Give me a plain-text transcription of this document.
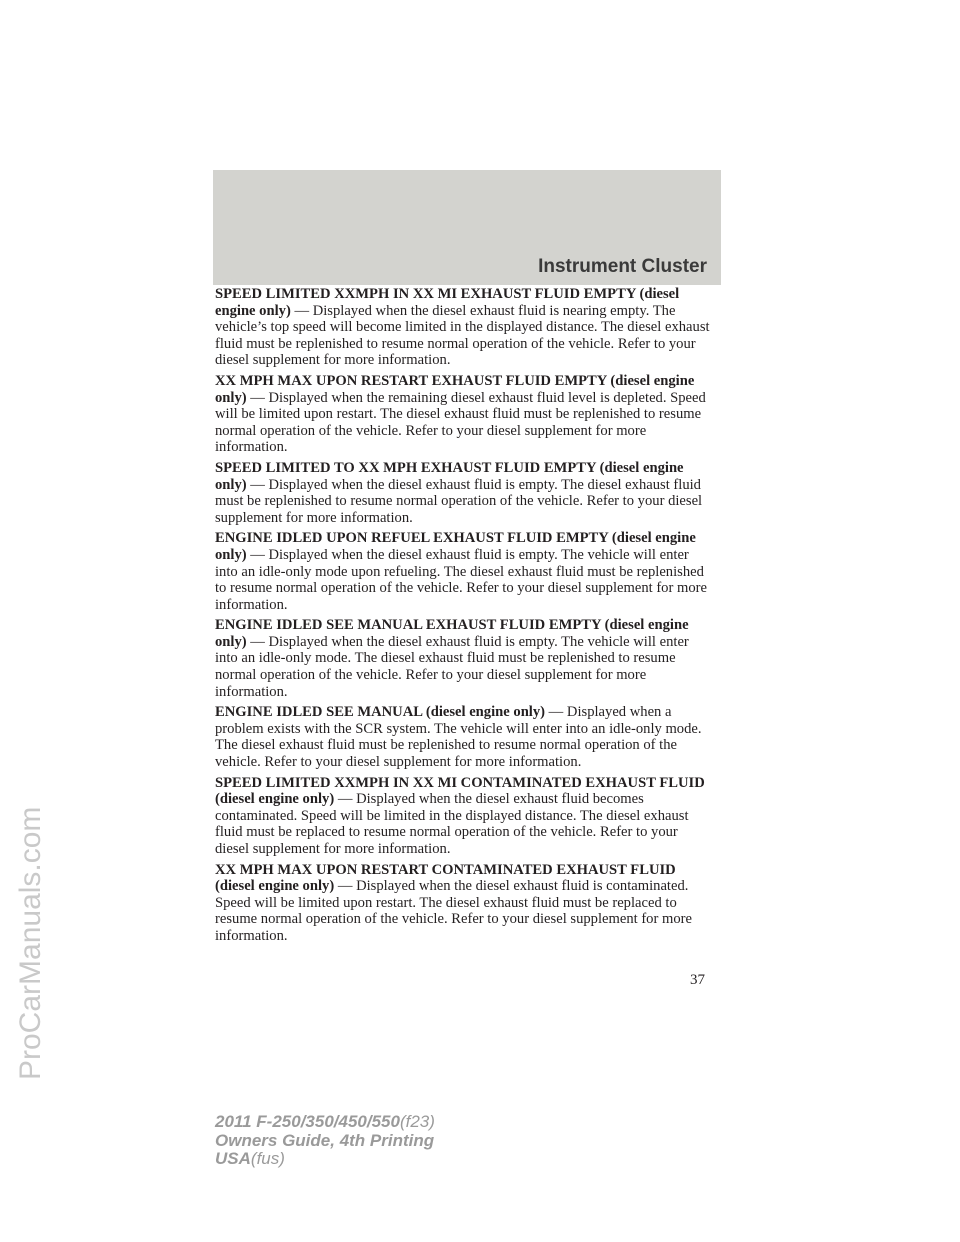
Instrument Cluster

SPEED LIMITED XXMPH IN XX MI EXHAUST FLUID EMPTY (diesel engine only) — Displayed when the diesel exhaust fluid is nearing empty. The vehicle’s top speed will become limited in the displayed distance. The diesel exhaust fluid must be replenished to resume normal operation of the vehicle. Refer to your diesel supplement for more information.

XX MPH MAX UPON RESTART EXHAUST FLUID EMPTY (diesel engine only) — Displayed when the remaining diesel exhaust fluid level is depleted. Speed will be limited upon restart. The diesel exhaust fluid must be replenished to resume normal operation of the vehicle. Refer to your diesel supplement for more information.

SPEED LIMITED TO XX MPH EXHAUST FLUID EMPTY (diesel engine only) — Displayed when the diesel exhaust fluid is empty. The diesel exhaust fluid must be replenished to resume normal operation of the vehicle. Refer to your diesel supplement for more information.

ENGINE IDLED UPON REFUEL EXHAUST FLUID EMPTY (diesel engine only) — Displayed when the diesel exhaust fluid is empty. The vehicle will enter into an idle-only mode upon refueling. The diesel exhaust fluid must be replenished to resume normal operation of the vehicle. Refer to your diesel supplement for more information.

ENGINE IDLED SEE MANUAL EXHAUST FLUID EMPTY (diesel engine only) — Displayed when the diesel exhaust fluid is empty. The vehicle will enter into an idle-only mode. The diesel exhaust fluid must be replenished to resume normal operation of the vehicle. Refer to your diesel supplement for more information.

ENGINE IDLED SEE MANUAL (diesel engine only) — Displayed when a problem exists with the SCR system. The vehicle will enter into an idle-only mode. The diesel exhaust fluid must be replenished to resume normal operation of the vehicle. Refer to your diesel supplement for more information.

SPEED LIMITED XXMPH IN XX MI CONTAMINATED EXHAUST FLUID (diesel engine only) — Displayed when the diesel exhaust fluid becomes contaminated. Speed will be limited in the displayed distance. The diesel exhaust fluid must be replaced to resume normal operation of the vehicle. Refer to your diesel supplement for more information.

XX MPH MAX UPON RESTART CONTAMINATED EXHAUST FLUID (diesel engine only) — Displayed when the diesel exhaust fluid is contaminated. Speed will be limited upon restart. The diesel exhaust fluid must be replaced to resume normal operation of the vehicle. Refer to your diesel supplement for more information.

37
2011 F-250/350/450/550(f23)
Owners Guide, 4th Printing
USA(fus)
ProCarManuals.com
